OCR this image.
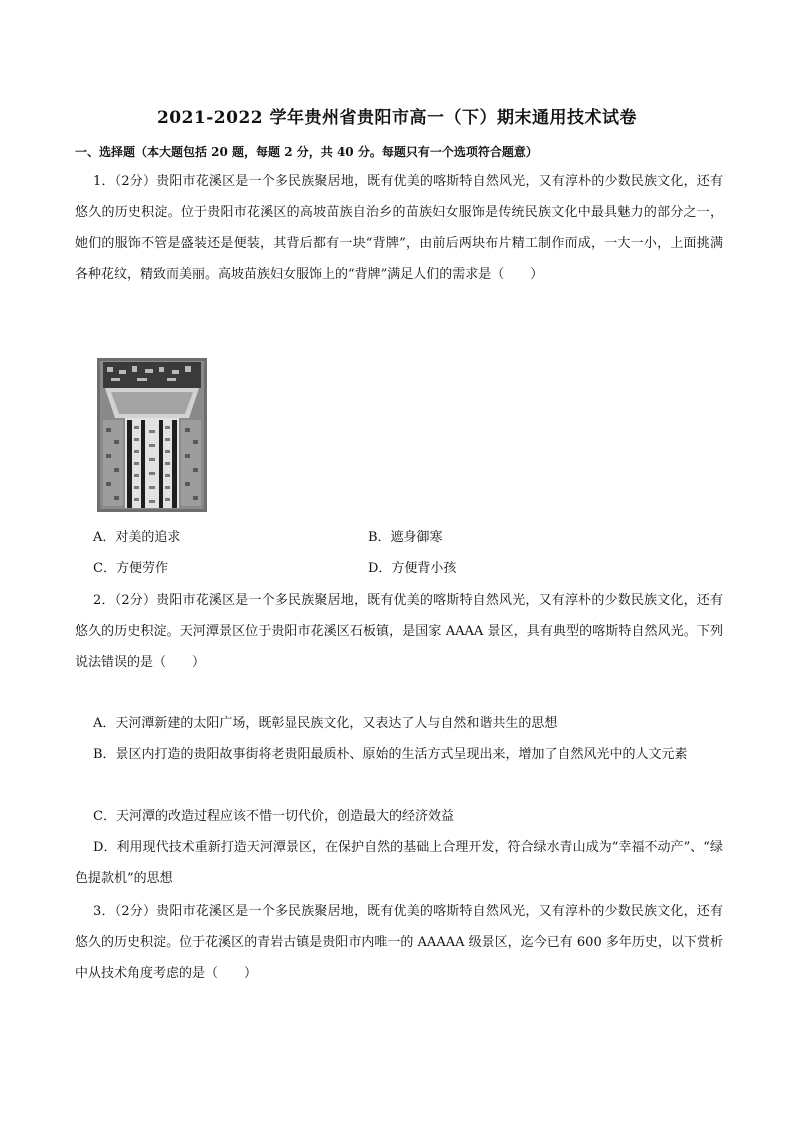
2021-2022 学年贵州省贵阳市高一（下）期末通用技术试卷
一、选择题（本大题包括 20 题，每题 2 分，共 40 分。每题只有一个选项符合题意）
1．（2分）贵阳市花溪区是一个多民族聚居地，既有优美的喀斯特自然风光，又有淳朴的少数民族文化，还有悠久的历史积淀。位于贵阳市花溪区的高坡苗族自治乡的苗族妇女服饰是传统民族文化中最具魅力的部分之一，她们的服饰不管是盛装还是便装，其背后都有一块“背牌”，由前后两块布片精工制作而成，一大一小，上面挑满各种花纹，精致而美丽。高坡苗族妇女服饰上的“背牌”满足人们的需求是（　　）
A．对美的追求	B．遮身御寒
C．方便劳作	D．方便背小孩
2．（2分）贵阳市花溪区是一个多民族聚居地，既有优美的喀斯特自然风光，又有淳朴的少数民族文化，还有悠久的历史积淀。天河潭景区位于贵阳市花溪区石板镇，是国家 AAAA 景区，具有典型的喀斯特自然风光。下列说法错误的是（　　）
A．天河潭新建的太阳广场，既彰显民族文化，又表达了人与自然和谐共生的思想
B．景区内打造的贵阳故事街将老贵阳最质朴、原始的生活方式呈现出来，增加了自然风光中的人文元素
C．天河潭的改造过程应该不惜一切代价，创造最大的经济效益
D．利用现代技术重新打造天河潭景区，在保护自然的基础上合理开发，符合绿水青山成为“幸福不动产”、“绿色提款机”的思想
3．（2分）贵阳市花溪区是一个多民族聚居地，既有优美的喀斯特自然风光，又有淳朴的少数民族文化，还有悠久的历史积淀。位于花溪区的青岩古镇是贵阳市内唯一的 AAAAA 级景区，迄今已有 600 多年历史，以下赏析中从技术角度考虑的是（　　）
